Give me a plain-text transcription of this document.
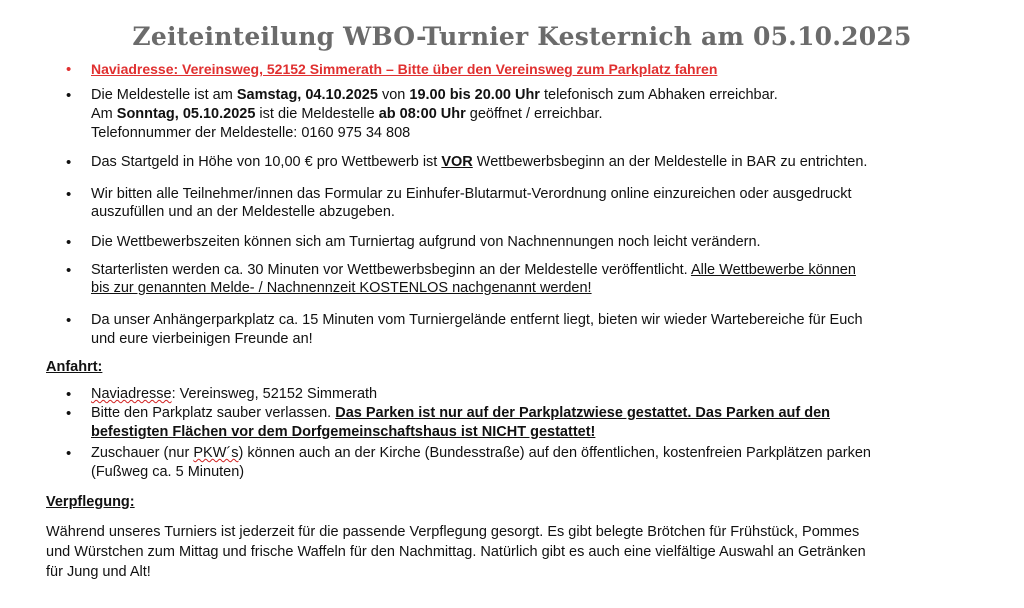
Zeiteinteilung WBO-Turnier Kesternich am 05.10.2025
• Naviadresse: Vereinsweg, 52152 Simmerath – Bitte über den Vereinsweg zum Parkplatz fahren
• Die Meldestelle ist am Samstag, 04.10.2025 von 19.00 bis 20.00 Uhr telefonisch zum Abhaken erreichbar.
Am Sonntag, 05.10.2025 ist die Meldestelle ab 08:00 Uhr geöffnet / erreichbar.
Telefonnummer der Meldestelle: 0160 975 34 808
• Das Startgeld in Höhe von 10,00 € pro Wettbewerb ist VOR Wettbewerbsbeginn an der Meldestelle in BAR zu entrichten.
• Wir bitten alle Teilnehmer/innen das Formular zu Einhufer-Blutarmut-Verordnung online einzureichen oder ausgedruckt
auszufüllen und an der Meldestelle abzugeben.
• Die Wettbewerbszeiten können sich am Turniertag aufgrund von Nachnennungen noch leicht verändern.
• Starterlisten werden ca. 30 Minuten vor Wettbewerbsbeginn an der Meldestelle veröffentlicht. Alle Wettbewerbe können
bis zur genannten Melde- / Nachnennzeit KOSTENLOS nachgenannt werden!
• Da unser Anhängerparkplatz ca. 15 Minuten vom Turniergelände entfernt liegt, bieten wir wieder Wartebereiche für Euch
und eure vierbeinigen Freunde an!
Anfahrt:
• Naviadresse: Vereinsweg, 52152 Simmerath
• Bitte den Parkplatz sauber verlassen. Das Parken ist nur auf der Parkplatzwiese gestattet. Das Parken auf den
befestigten Flächen vor dem Dorfgemeinschaftshaus ist NICHT gestattet!
• Zuschauer (nur PKW´s) können auch an der Kirche (Bundesstraße) auf den öffentlichen, kostenfreien Parkplätzen parken
(Fußweg ca. 5 Minuten)
Verpflegung:
Während unseres Turniers ist jederzeit für die passende Verpflegung gesorgt. Es gibt belegte Brötchen für Frühstück, Pommes
und Würstchen zum Mittag und frische Waffeln für den Nachmittag. Natürlich gibt es auch eine vielfältige Auswahl an Getränken
für Jung und Alt!
